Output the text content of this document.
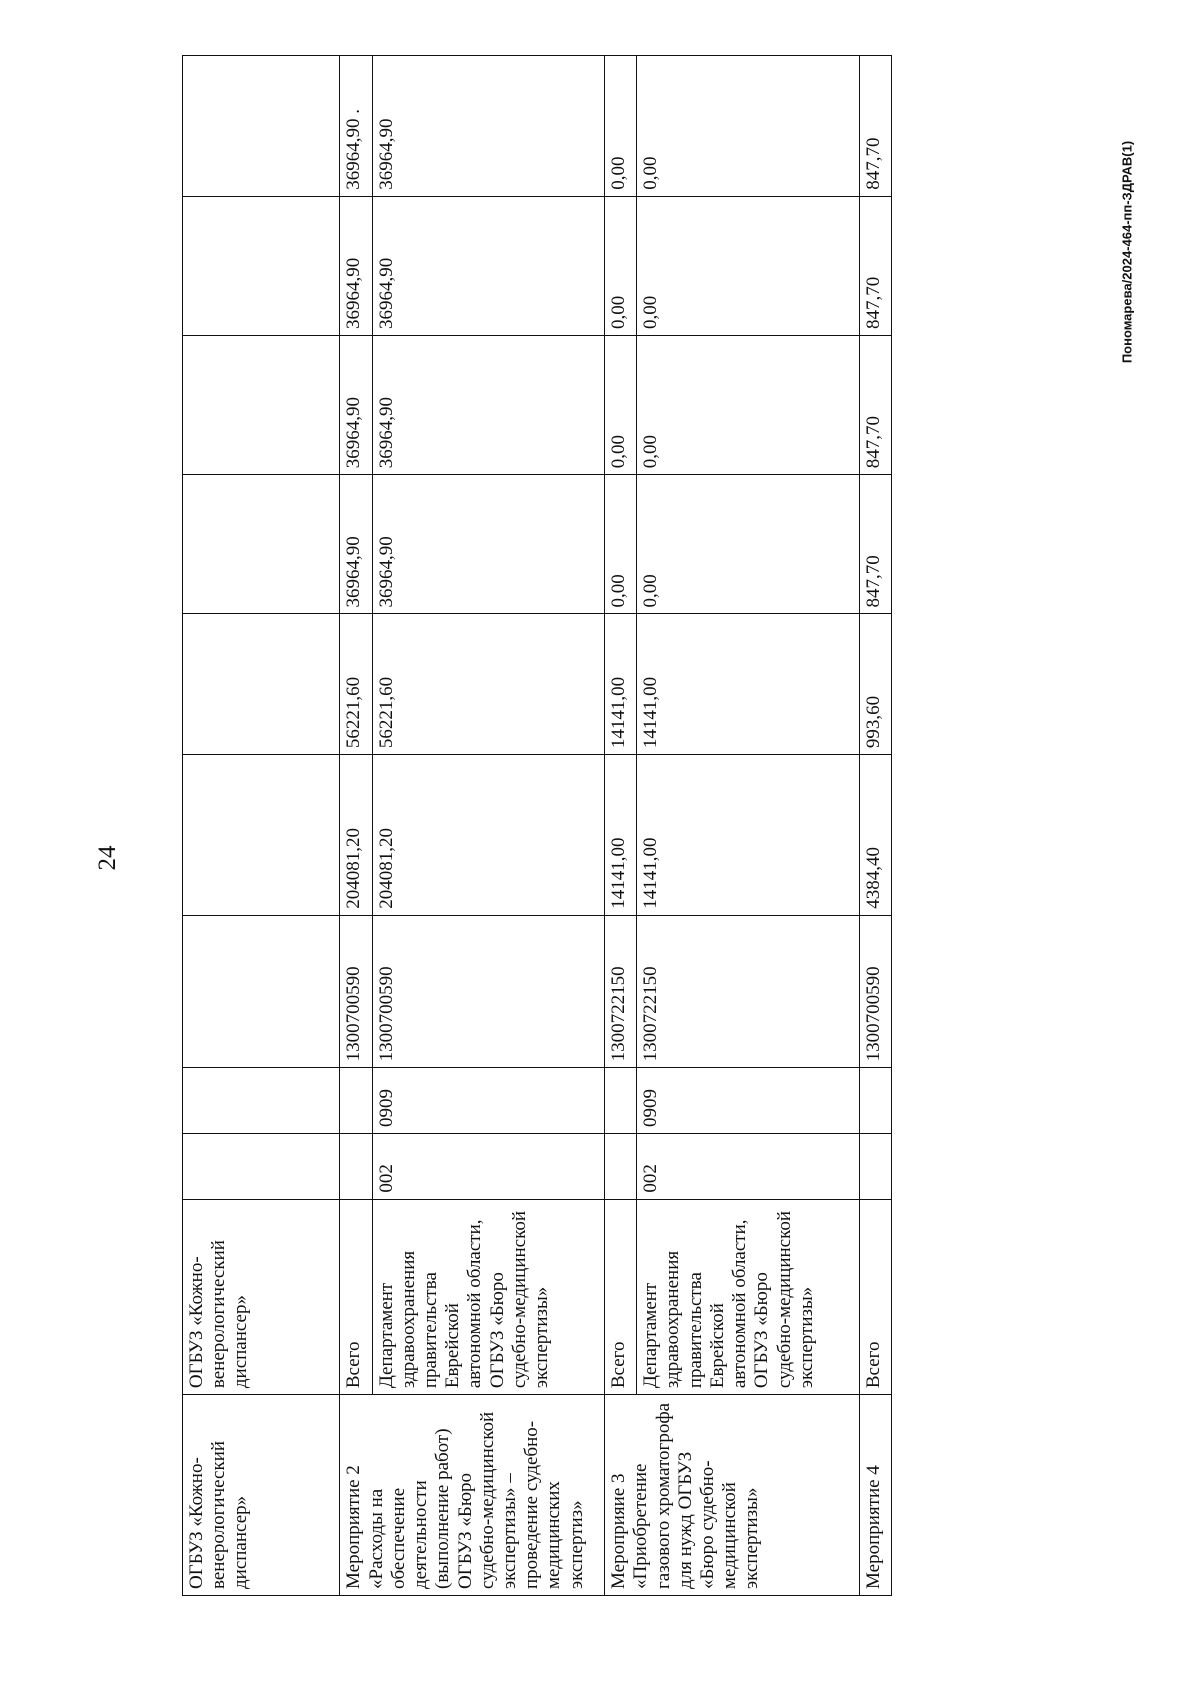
24
Пономарева/2024-464-пп-ЗДРАВ(1)
ОГБУЗ «Кожно-венерологический диспансер»	ОГБУЗ «Кожно-венерологический диспансер»									
Мероприятие 2 «Расходы на обеспечение деятельности (выполнение работ) ОГБУЗ «Бюро судебно-медицинской экспертизы» – проведение судебно-медицинских экспертиз»	Всего			1300700590	204081,20	56221,60	36964,90	36964,90	36964,90	36964,90 .
	Департамент здравоохранения правительства Еврейской автономной области, ОГБУЗ «Бюро судебно-медицинской экспертизы»	002	0909	1300700590	204081,20	56221,60	36964,90	36964,90	36964,90	36964,90
Мероприяие 3 «Приобретение газового хроматогрофа для нужд ОГБУЗ «Бюро судебно-медицинской экспертизы»	Всего			1300722150	14141,00	14141,00	0,00	0,00	0,00	0,00
	Департамент здравоохранения правительства Еврейской автономной области, ОГБУЗ «Бюро судебно-медицинской экспертизы»	002	0909	1300722150	14141,00	14141,00	0,00	0,00	0,00	0,00
Мероприятие 4	Всего			1300700590	4384,40	993,60	847,70	847,70	847,70	847,70
